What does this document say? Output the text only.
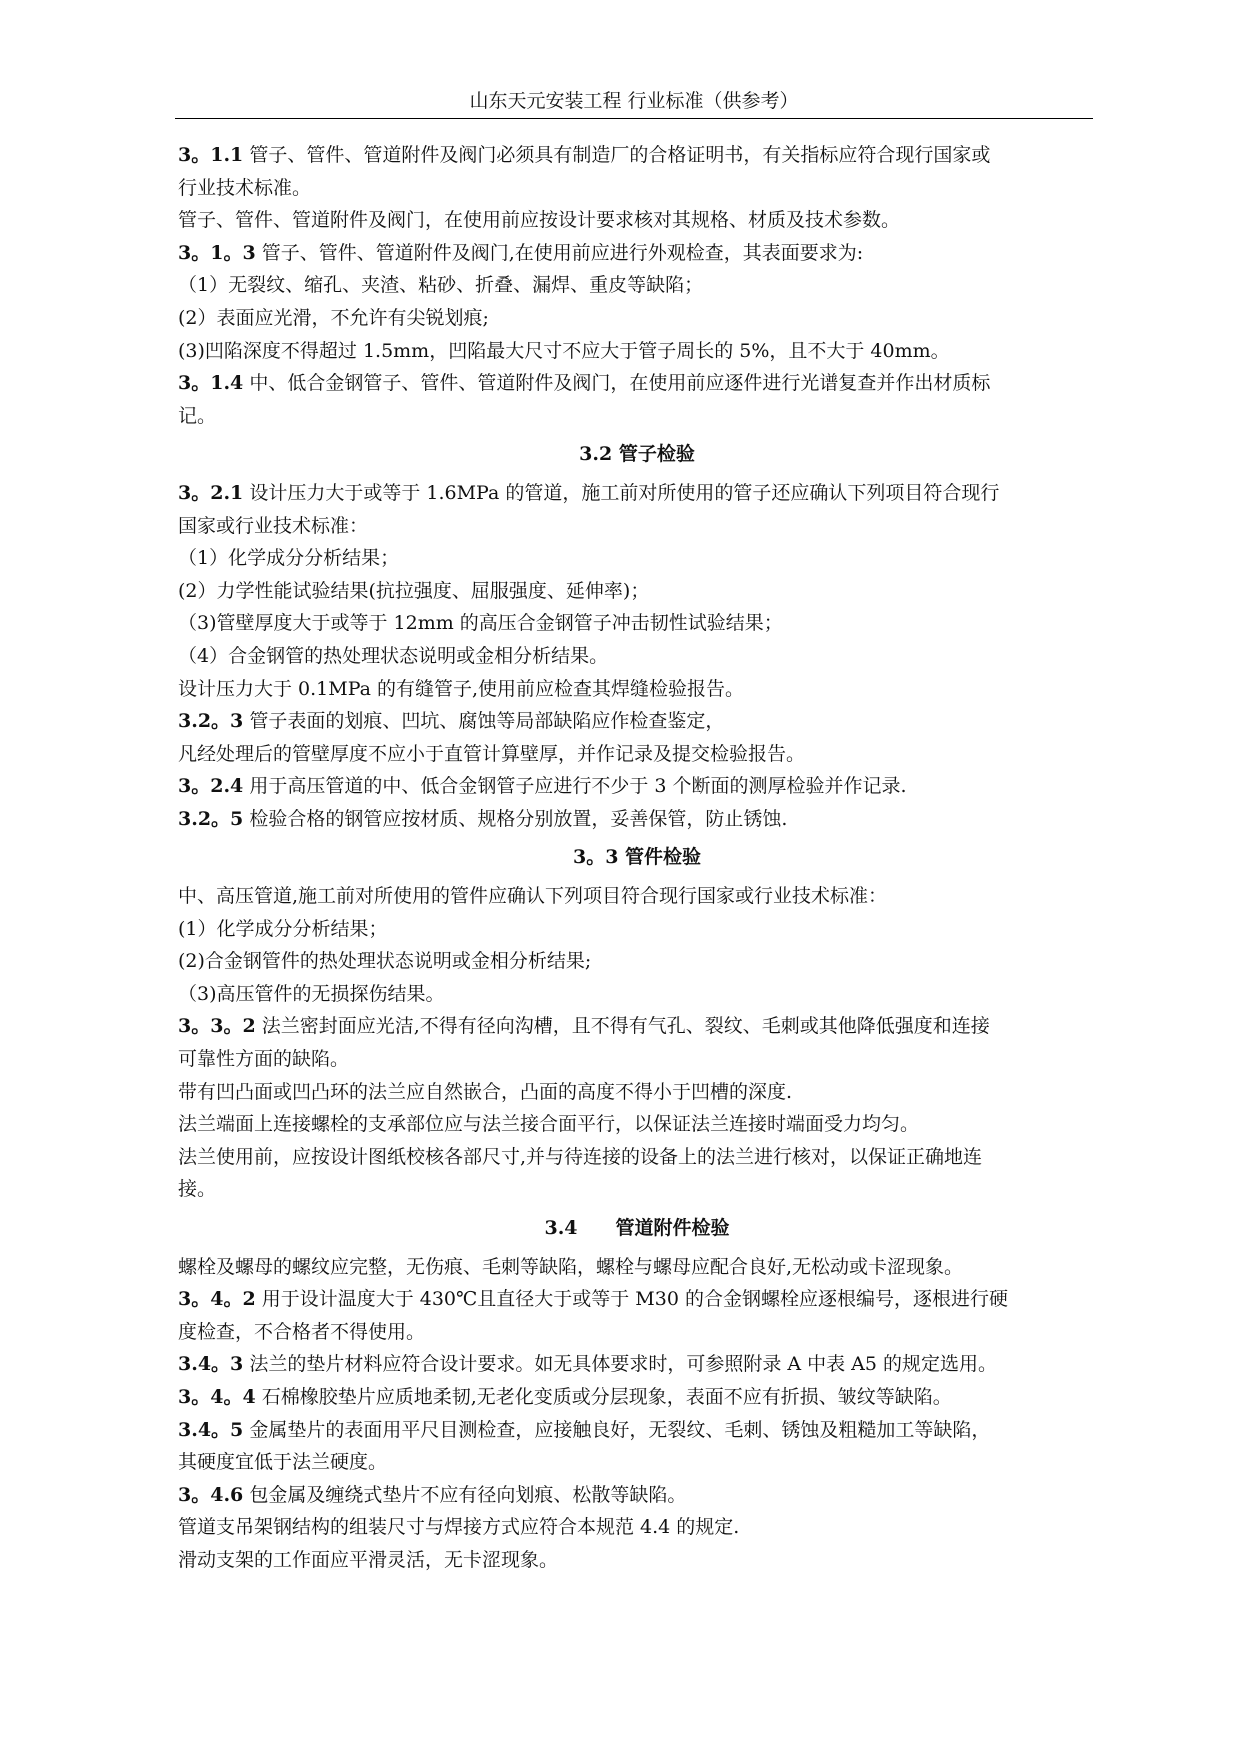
山东天元安装工程 行业标准（供参考）
3。1.1 管子、管件、管道附件及阀门必须具有制造厂的合格证明书，有关指标应符合现行国家或
行业技术标准。
管子、管件、管道附件及阀门，在使用前应按设计要求核对其规格、材质及技术参数。
3。1。3 管子、管件、管道附件及阀门,在使用前应进行外观检查，其表面要求为:
（1）无裂纹、缩孔、夹渣、粘砂、折叠、漏焊、重皮等缺陷；
(2）表面应光滑，不允许有尖锐划痕;
(3)凹陷深度不得超过 1.5mm，凹陷最大尺寸不应大于管子周长的 5%，且不大于 40mm。
3。1.4 中、低合金钢管子、管件、管道附件及阀门，在使用前应逐件进行光谱复查并作出材质标
记。
3.2 管子检验
3。2.1 设计压力大于或等于 1.6MPa 的管道，施工前对所使用的管子还应确认下列项目符合现行
国家或行业技术标准：
（1）化学成分分析结果；
(2）力学性能试验结果(抗拉强度、屈服强度、延伸率)；
（3)管壁厚度大于或等于 12mm 的高压合金钢管子冲击韧性试验结果；
（4）合金钢管的热处理状态说明或金相分析结果。
设计压力大于 0.1MPa 的有缝管子,使用前应检查其焊缝检验报告。
3.2。3 管子表面的划痕、凹坑、腐蚀等局部缺陷应作检查鉴定，
凡经处理后的管壁厚度不应小于直管计算壁厚，并作记录及提交检验报告。
3。2.4 用于高压管道的中、低合金钢管子应进行不少于 3 个断面的测厚检验并作记录.
3.2。5 检验合格的钢管应按材质、规格分别放置，妥善保管，防止锈蚀.
3。3 管件检验
中、高压管道,施工前对所使用的管件应确认下列项目符合现行国家或行业技术标准：
(1）化学成分分析结果；
(2)合金钢管件的热处理状态说明或金相分析结果;
（3)高压管件的无损探伤结果。
3。3。2 法兰密封面应光洁,不得有径向沟槽，且不得有气孔、裂纹、毛刺或其他降低强度和连接
可靠性方面的缺陷。
带有凹凸面或凹凸环的法兰应自然嵌合，凸面的高度不得小于凹槽的深度.
法兰端面上连接螺栓的支承部位应与法兰接合面平行，以保证法兰连接时端面受力均匀。
法兰使用前，应按设计图纸校核各部尺寸,并与待连接的设备上的法兰进行核对，以保证正确地连
接。
3.4　　管道附件检验
螺栓及螺母的螺纹应完整，无伤痕、毛刺等缺陷，螺栓与螺母应配合良好,无松动或卡涩现象。
3。4。2 用于设计温度大于 430℃且直径大于或等于 M30 的合金钢螺栓应逐根编号，逐根进行硬
度检查，不合格者不得使用。
3.4。3 法兰的垫片材料应符合设计要求。如无具体要求时，可参照附录 A 中表 A5 的规定选用。
3。4。4 石棉橡胶垫片应质地柔韧,无老化变质或分层现象，表面不应有折损、皱纹等缺陷。
3.4。5 金属垫片的表面用平尺目测检查，应接触良好，无裂纹、毛刺、锈蚀及粗糙加工等缺陷，
其硬度宜低于法兰硬度。
3。4.6 包金属及缠绕式垫片不应有径向划痕、松散等缺陷。
管道支吊架钢结构的组装尺寸与焊接方式应符合本规范 4.4 的规定.
滑动支架的工作面应平滑灵活，无卡涩现象。
